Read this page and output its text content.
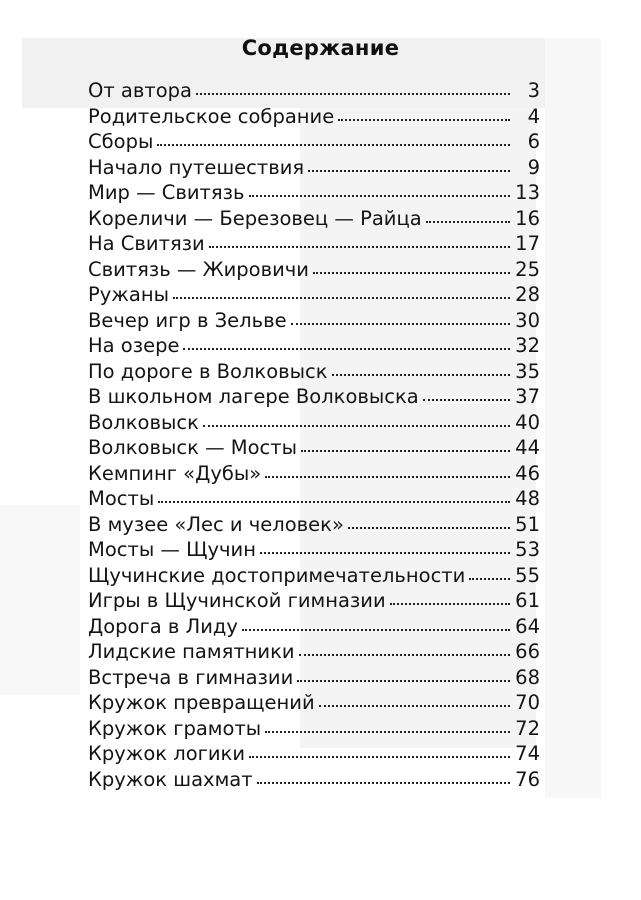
Содержание
От автора	3
Родительское собрание	4
Сборы	6
Начало путешествия	9
Мир — Свитязь	13
Кореличи — Березовец — Райца	16
На Свитязи	17
Свитязь — Жировичи	25
Ружаны	28
Вечер игр в Зельве	30
На озере	32
По дороге в Волковыск	35
В школьном лагере Волковыска	37
Волковыск	40
Волковыск — Мосты	44
Кемпинг «Дубы»	46
Мосты	48
В музее «Лес и человек»	51
Мосты — Щучин	53
Щучинские достопримечательности	55
Игры в Щучинской гимназии	61
Дорога в Лиду	64
Лидские памятники	66
Встреча в гимназии	68
Кружок превращений	70
Кружок грамоты	72
Кружок логики	74
Кружок шахмат	76
